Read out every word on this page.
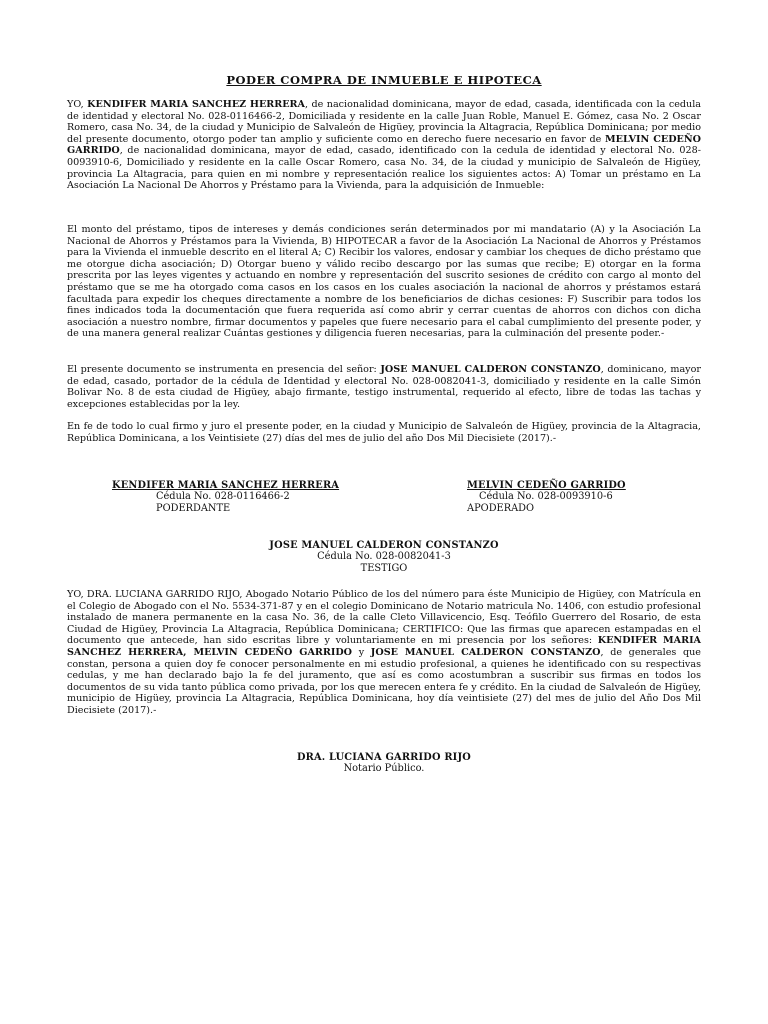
PODER COMPRA DE INMUEBLE E HIPOTECA

YO, KENDIFER MARIA SANCHEZ HERRERA, de nacionalidad dominicana, mayor de edad, casada, identificada con la cedula de identidad y electoral No. 028-0116466-2, Domiciliada y residente en la calle Juan Roble, Manuel E. Gómez, casa No. 2 Oscar Romero, casa No. 34, de la ciudad y Municipio de Salvaleón de Higüey, provincia la Altagracia, República Dominicana; por medio del presente documento, otorgo poder tan amplio y suficiente como en derecho fuere necesario en favor de MELVIN CEDEÑO GARRIDO, de nacionalidad dominicana, mayor de edad, casado, identificado con la cedula de identidad y electoral No. 028-0093910-6, Domiciliado y residente en la calle Oscar Romero, casa No. 34, de la ciudad y municipio de Salvaleón de Higüey, provincia La Altagracia, para quien en mi nombre y representación realice los siguientes actos: A) Tomar un préstamo en La Asociación La Nacional De Ahorros y Préstamo para la Vivienda, para la adquisición de Inmueble:

El monto del préstamo, tipos de intereses y demás condiciones serán determinados por mi mandatario (A) y la Asociación La Nacional de Ahorros y Préstamos para la Vivienda, B) HIPOTECAR a favor de la Asociación La Nacional de Ahorros y Préstamos para la Vivienda el inmueble descrito en el literal A; C) Recibir los valores, endosar y cambiar los cheques de dicho préstamo que me otorgue dicha asociación; D) Otorgar bueno y válido recibo descargo por las sumas que recibe; E) otorgar en la forma prescrita por las leyes vigentes y actuando en nombre y representación del suscrito sesiones de crédito con cargo al monto del préstamo que se me ha otorgado coma casos en los casos en los cuales asociación la nacional de ahorros y préstamos estará facultada para expedir los cheques directamente a nombre de los beneficiarios de dichas cesiones: F) Suscribir para todos los fines indicados toda la documentación que fuera requerida así como abrir y cerrar cuentas de ahorros con dichos con dicha asociación a nuestro nombre, firmar documentos y papeles que fuere necesario para el cabal cumplimiento del presente poder, y de una manera general realizar Cuántas gestiones y diligencia fueren necesarias, para la culminación del presente poder.-

El presente documento se instrumenta en presencia del señor: JOSE MANUEL CALDERON CONSTANZO, dominicano, mayor de edad, casado, portador de la cédula de Identidad y electoral No. 028-0082041-3, domiciliado y residente en la calle Simón Bolivar No. 8 de esta ciudad de Higüey, abajo firmante, testigo instrumental, requerido al efecto, libre de todas las tachas y excepciones establecidas por la ley.

En fe de todo lo cual firmo y juro el presente poder, en la ciudad y Municipio de Salvaleón de Higüey, provincia de la Altagracia, República Dominicana, a los Veintisiete (27) días del mes de julio del año Dos Mil Diecisiete (2017).-

KENDIFER MARIA SANCHEZ HERRERA
Cédula No. 028-0116466-2
PODERDANTE
MELVIN CEDEÑO GARRIDO
Cédula No. 028-0093910-6
APODERADO
JOSE MANUEL CALDERON CONSTANZO
Cédula No. 028-0082041-3
TESTIGO

YO, DRA. LUCIANA GARRIDO RIJO, Abogado Notario Público de los del número para éste Municipio de Higüey, con Matrícula en el Colegio de Abogado con el No. 5534-371-87 y en el colegio Dominicano de Notario matricula No. 1406, con estudio profesional instalado de manera permanente en la casa No. 36, de la calle Cleto Villavicencio, Esq. Teófilo Guerrero del Rosario, de esta Ciudad de Higüey, Provincia La Altagracia, República Dominicana; CERTIFICO: Que las firmas que aparecen estampadas en el documento que antecede, han sido escritas libre y voluntariamente en mi presencia por los señores: KENDIFER MARIA SANCHEZ HERRERA, MELVIN CEDEÑO GARRIDO y JOSE MANUEL CALDERON CONSTANZO, de generales que constan, persona a quien doy fe conocer personalmente en mi estudio profesional, a quienes he identificado con su respectivas cedulas, y me han declarado bajo la fe del juramento, que así es como acostumbran a suscribir sus firmas en todos los documentos de su vida tanto pública como privada, por los que merecen entera fe y crédito. En la ciudad de Salvaleón de Higüey, municipio de Higüey, provincia La Altagracia, República Dominicana, hoy día veintisiete (27) del mes de julio del Año Dos Mil Diecisiete (2017).-

DRA. LUCIANA GARRIDO RIJO
Notario Público.
